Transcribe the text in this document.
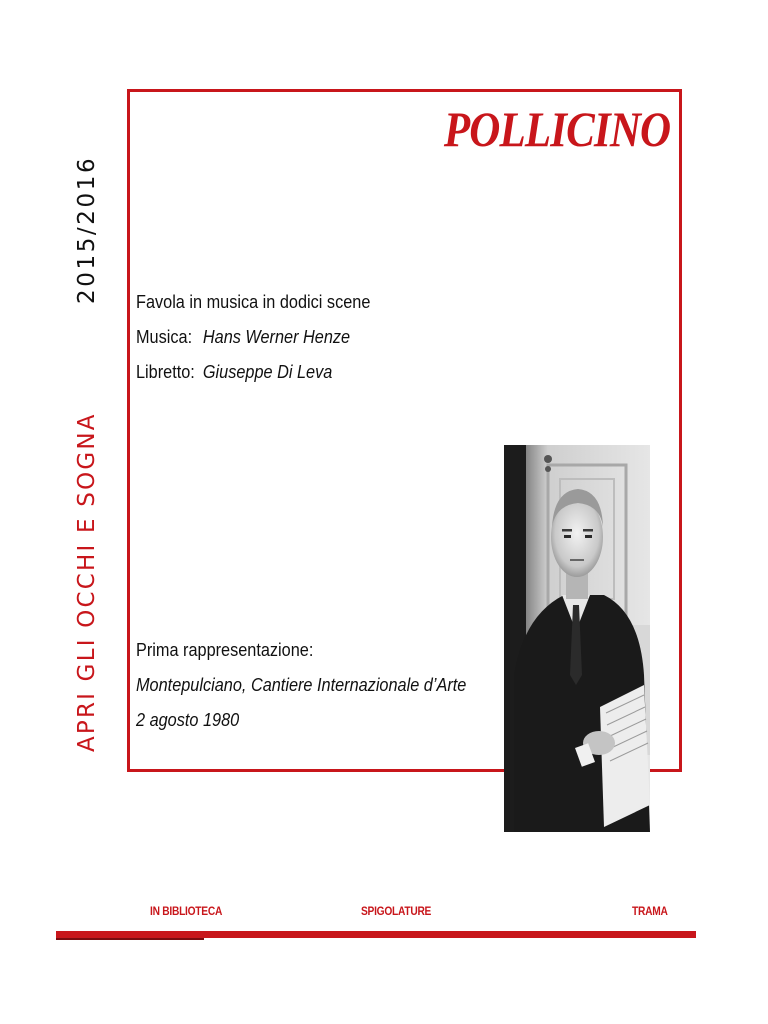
APRI GLI OCCHI E SOGNA
2015/2016
POLLICINO
Favola in musica in dodici scene
Musica: Hans Werner Henze
Libretto: Giuseppe Di Leva
Prima rappresentazione:
Montepulciano, Cantiere Internazionale d’Arte
2 agosto 1980
IN BIBLIOTECA	SPIGOLATURE	TRAMA
